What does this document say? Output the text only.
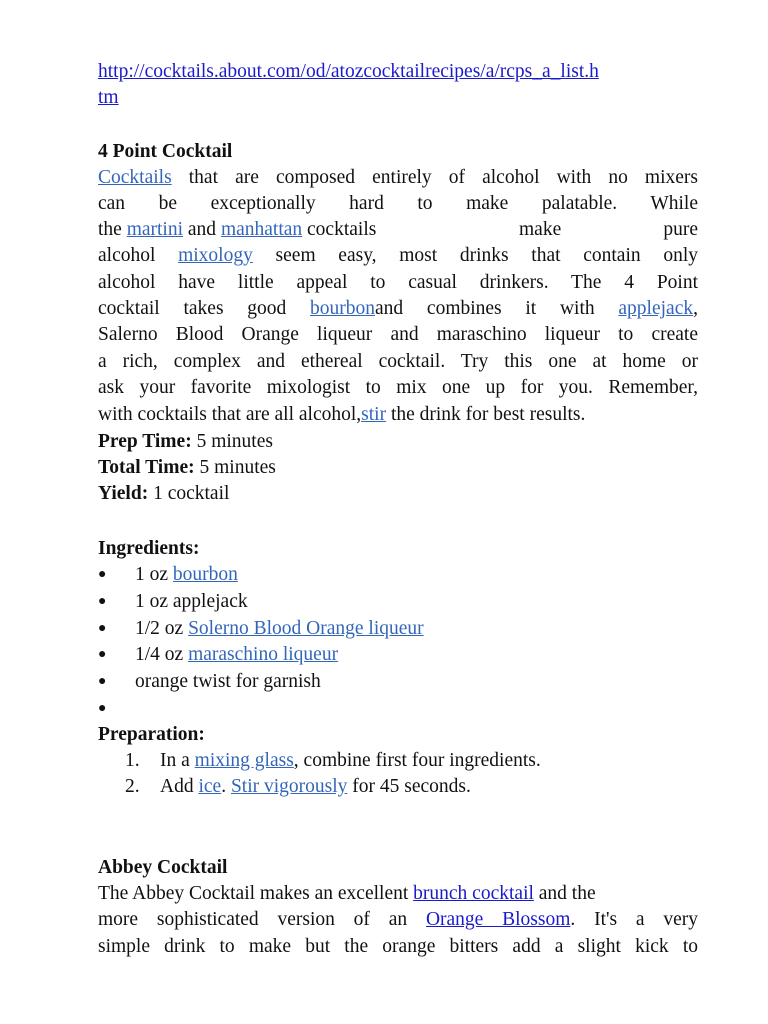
http://cocktails.about.com/od/atozcocktailrecipes/a/rcps_a_list.h
tm
4 Point Cocktail
Cocktails that are composed entirely of alcohol with no mixers
can be exceptionally hard to make palatable. While
the martini and manhattan cocktails	make	pure
alcohol mixology seem easy, most drinks that contain only
alcohol have little appeal to casual drinkers. The 4 Point
cocktail takes good bourbonand combines it with applejack,
Salerno Blood Orange liqueur and maraschino liqueur to create
a rich, complex and ethereal cocktail. Try this one at home or
ask your favorite mixologist to mix one up for you. Remember,
with cocktails that are all alcohol,stir the drink for best results.
Prep Time: 5 minutes
Total Time: 5 minutes
Yield: 1 cocktail
Ingredients:
●	1 oz bourbon
●	1 oz applejack
●	1/2 oz Solerno Blood Orange liqueur
●	1/4 oz maraschino liqueur
●	orange twist for garnish
●
Preparation:
1. In a mixing glass, combine first four ingredients.
2. Add ice. Stir vigorously for 45 seconds.
Abbey Cocktail
The Abbey Cocktail makes an excellent brunch cocktail and the
more sophisticated version of an Orange Blossom. It's a very
simple drink to make but the orange bitters add a slight kick to
